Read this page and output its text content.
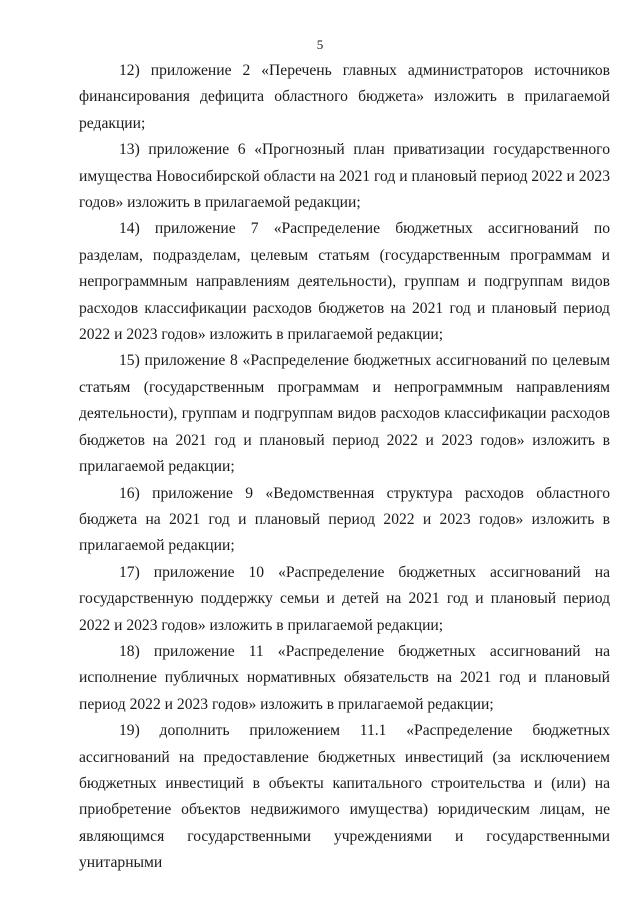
5

12) приложение 2 «Перечень главных администраторов источников финансирования дефицита областного бюджета» изложить в прилагаемой редакции;

13) приложение 6 «Прогнозный план приватизации государственного имущества Новосибирской области на 2021 год и плановый период 2022 и 2023 годов» изложить в прилагаемой редакции;

14) приложение 7 «Распределение бюджетных ассигнований по разделам, подразделам, целевым статьям (государственным программам и непрограммным направлениям деятельности), группам и подгруппам видов расходов классификации расходов бюджетов на 2021 год и плановый период 2022 и 2023 годов» изложить в прилагаемой редакции;

15) приложение 8 «Распределение бюджетных ассигнований по целевым статьям (государственным программам и непрограммным направлениям деятельности), группам и подгруппам видов расходов классификации расходов бюджетов на 2021 год и плановый период 2022 и 2023 годов» изложить в прилагаемой редакции;

16) приложение 9 «Ведомственная структура расходов областного бюджета на 2021 год и плановый период 2022 и 2023 годов» изложить в прилагаемой редакции;

17) приложение 10 «Распределение бюджетных ассигнований на государственную поддержку семьи и детей на 2021 год и плановый период 2022 и 2023 годов» изложить в прилагаемой редакции;

18) приложение 11 «Распределение бюджетных ассигнований на исполнение публичных нормативных обязательств на 2021 год и плановый период 2022 и 2023 годов» изложить в прилагаемой редакции;

19) дополнить приложением 11.1 «Распределение бюджетных ассигнований на предоставление бюджетных инвестиций (за исключением бюджетных инвестиций в объекты капитального строительства и (или) на приобретение объектов недвижимого имущества) юридическим лицам, не являющимся государственными учреждениями и государственными унитарными
